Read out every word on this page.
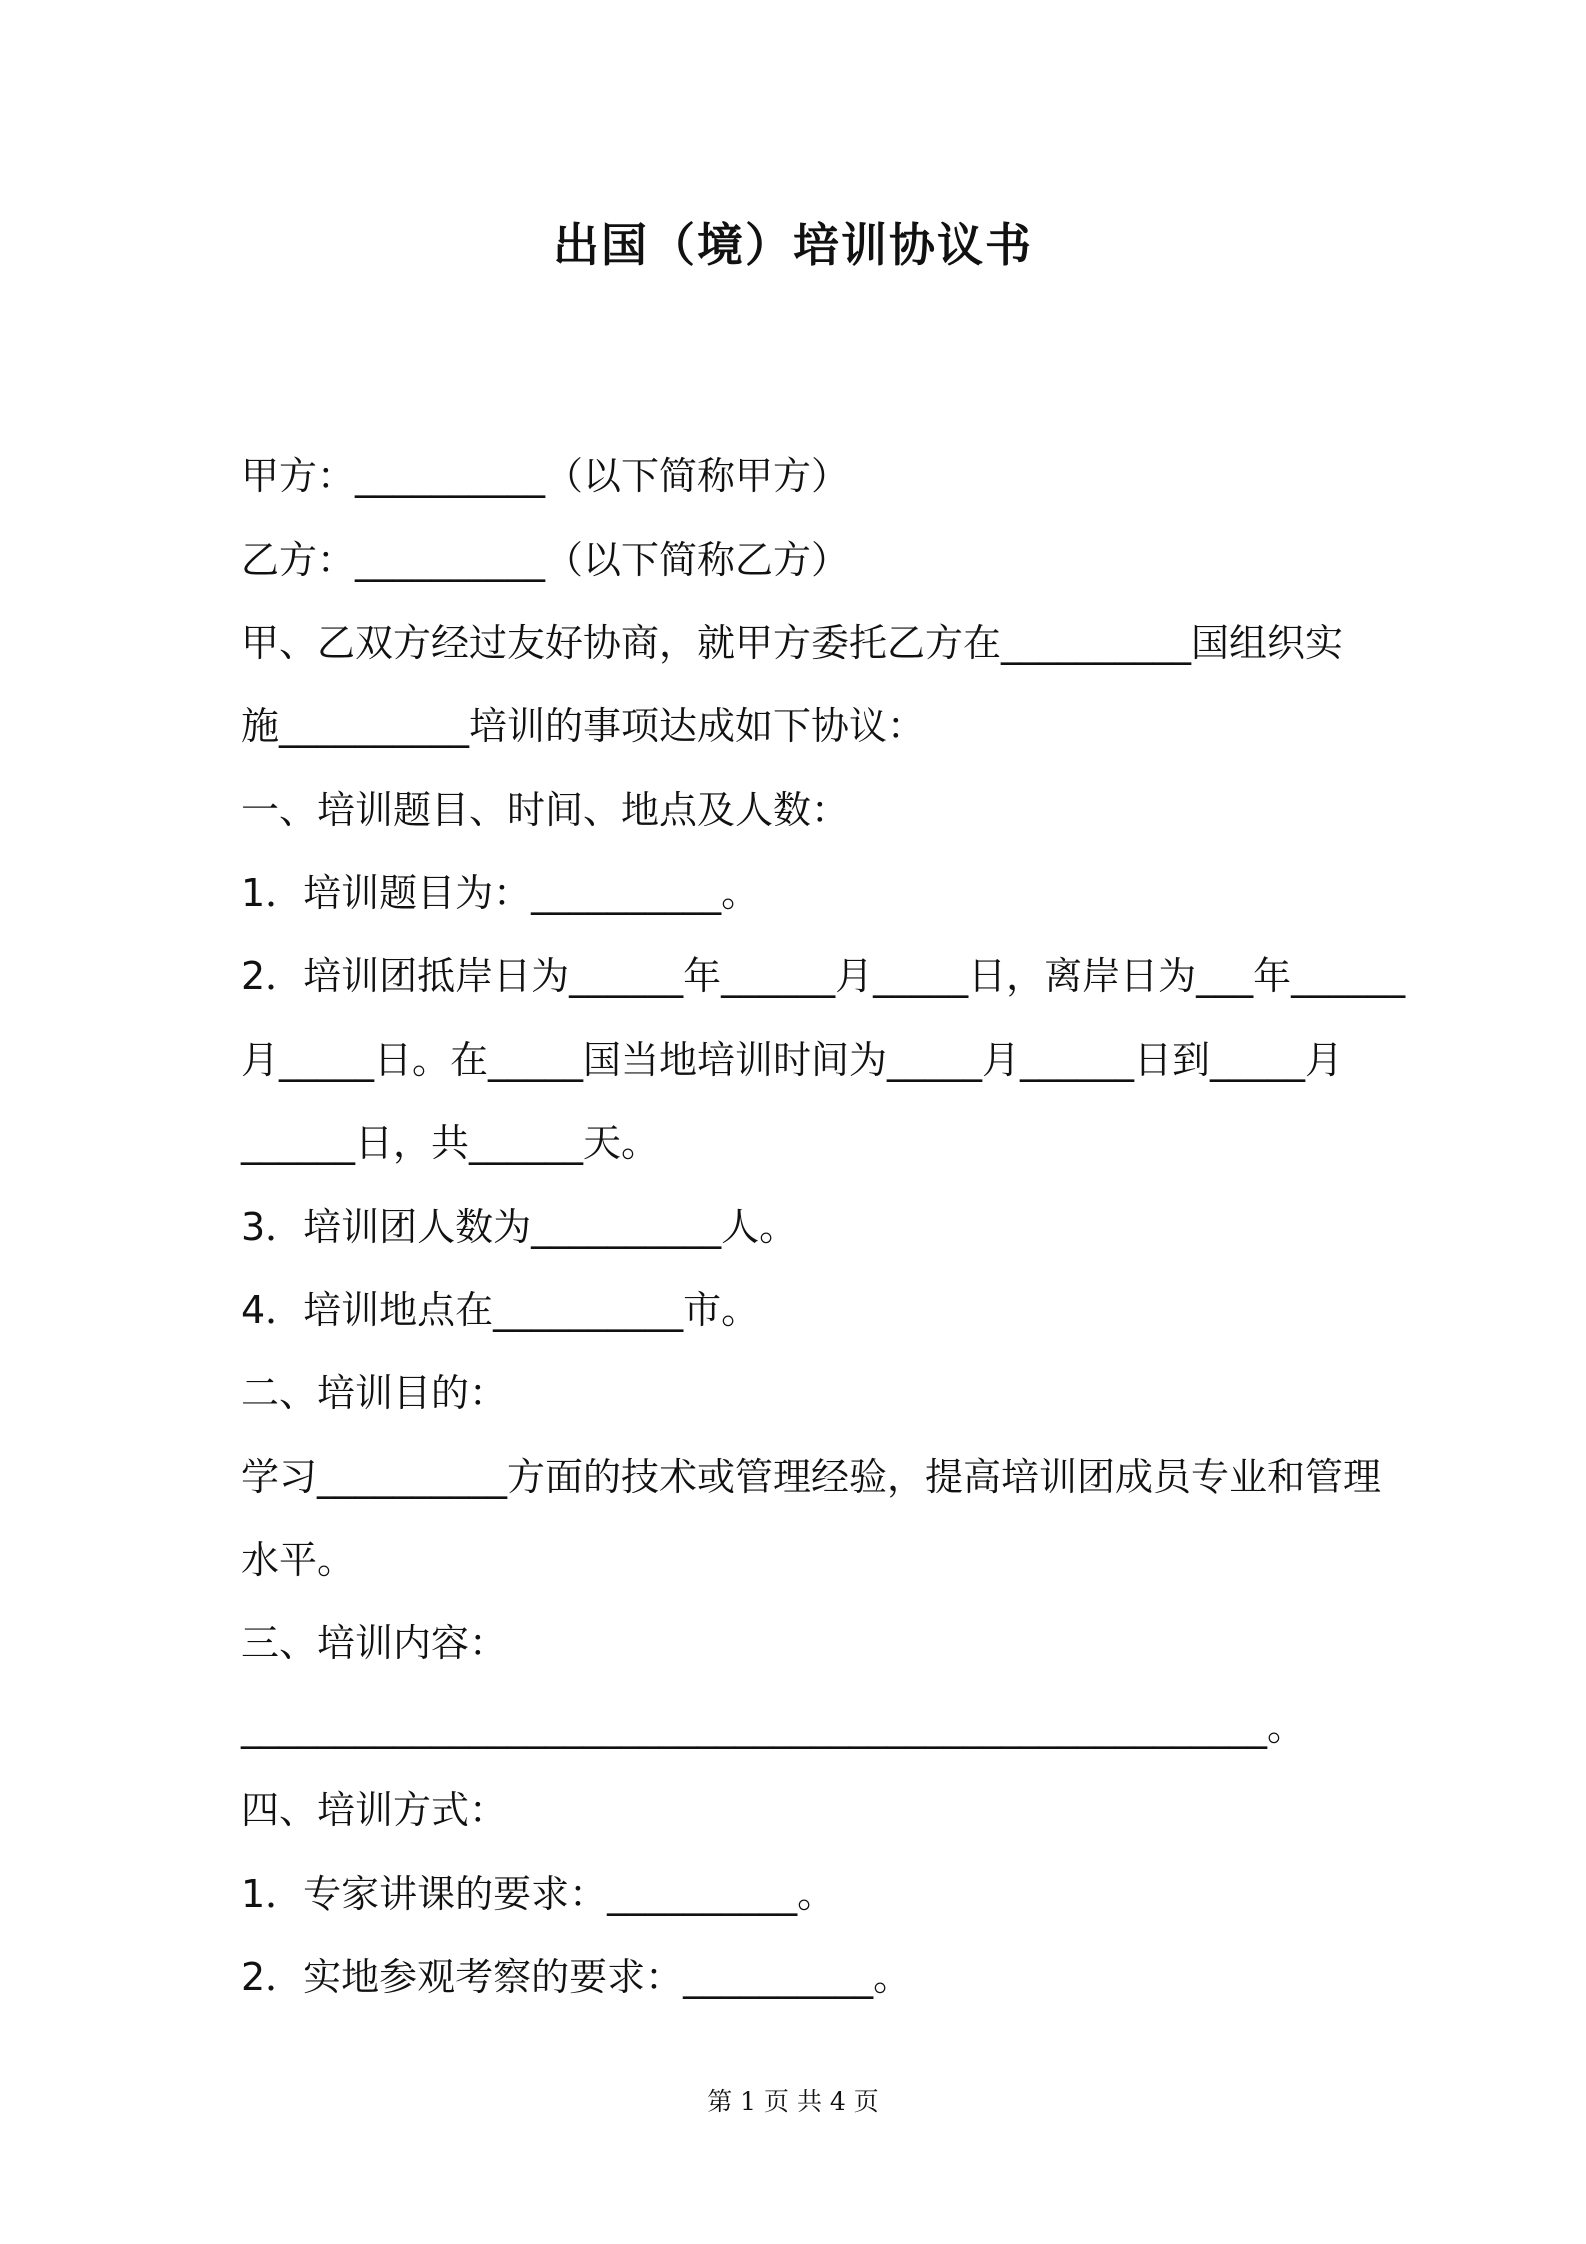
出国（境）培训协议书
甲方：__________（以下简称甲方）
乙方：__________（以下简称乙方）
甲、乙双方经过友好协商，就甲方委托乙方在__________国组织实
施__________培训的事项达成如下协议：
一、培训题目、时间、地点及人数：
1．培训题目为：__________。
2．培训团抵岸日为______年______月_____日，离岸日为___年______
月_____日。在_____国当地培训时间为_____月______日到_____月
______日，共______天。
3．培训团人数为__________人。
4．培训地点在__________市。
二、培训目的：
学习__________方面的技术或管理经验，提高培训团成员专业和管理
水平。
三、培训内容：
______________________________________________________。
四、培训方式：
1．专家讲课的要求：__________。
2．实地参观考察的要求：__________。
第 1 页 共 4 页
